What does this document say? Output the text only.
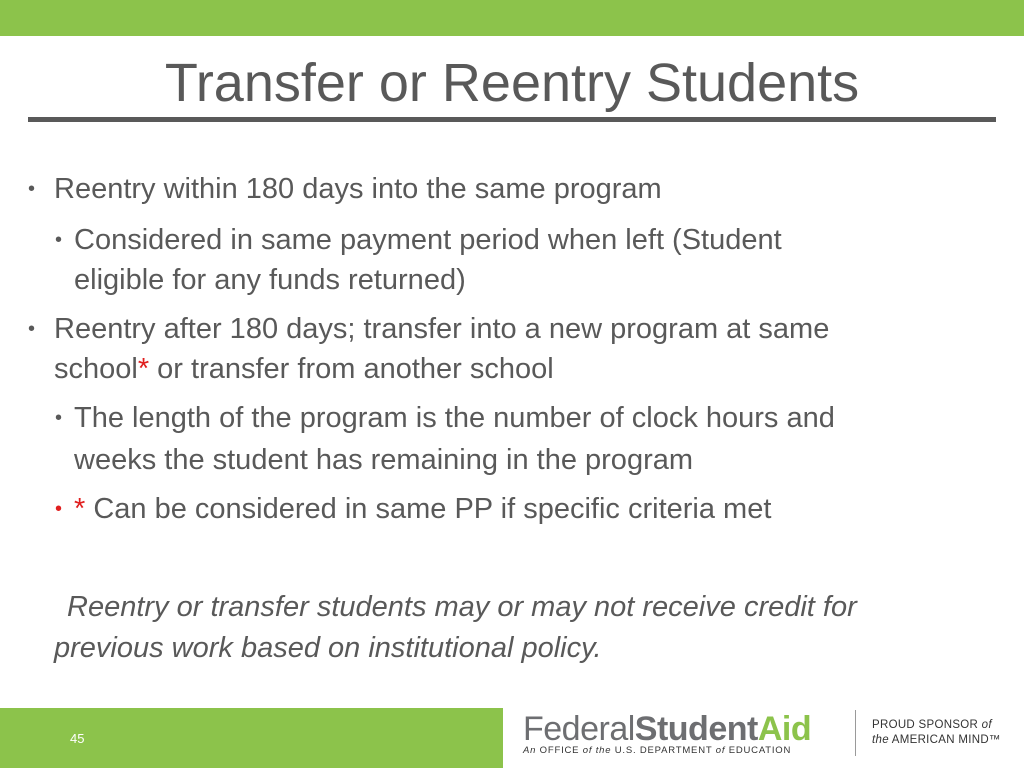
Transfer or Reentry Students
• Reentry within 180 days into the same program
• Considered in same payment period when left (Student
eligible for any funds returned)
• Reentry after 180 days; transfer into a new program at same
school* or transfer from another school
• The length of the program is the number of clock hours and
weeks the student has remaining in the program
• * Can be considered in same PP if specific criteria met
Reentry or transfer students may or may not receive credit for
previous work based on institutional policy.
45	FederalStudentAid
An OFFICE of the U.S. DEPARTMENT of EDUCATION
PROUD SPONSOR of
the AMERICAN MIND™
